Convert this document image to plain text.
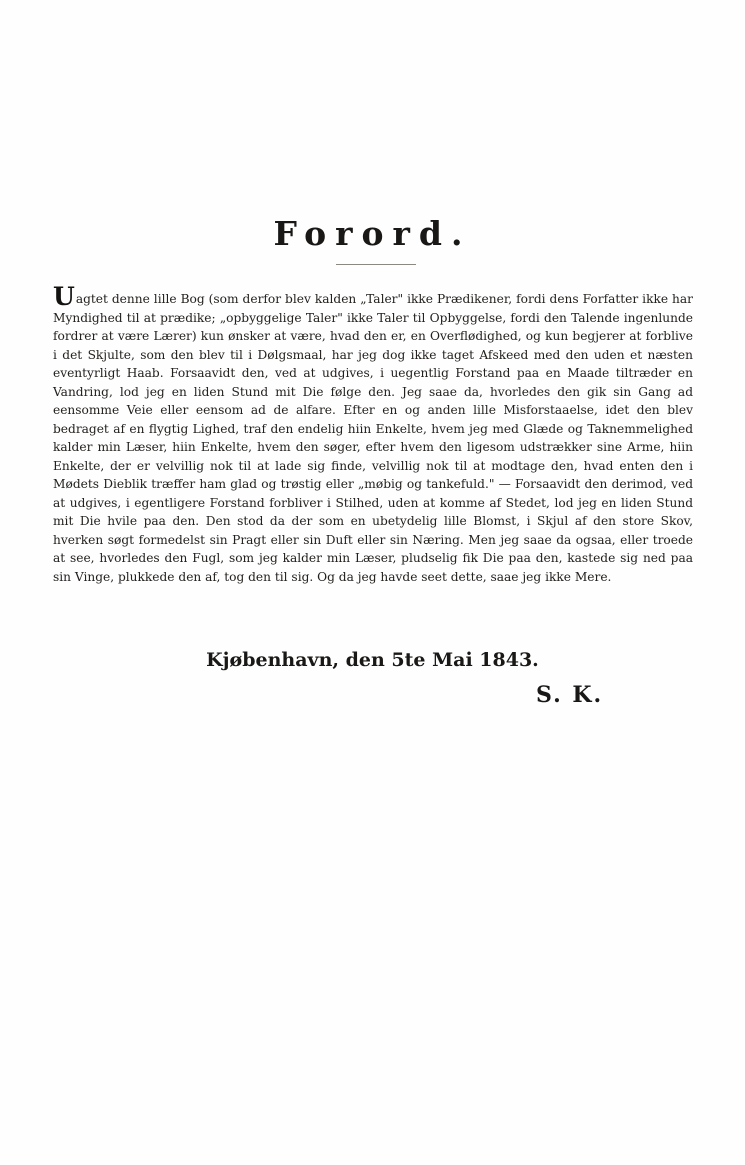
Forord.
Uagtet denne lille Bog (som derfor blev kalden „Taler" ikke Prædikener, fordi dens Forfatter ikke har Myndighed til at prædike; „opbyggelige Taler" ikke Taler til Opbyggelse, fordi den Talende ingenlunde fordrer at være Lærer) kun ønsker at være, hvad den er, en Overflødighed, og kun begjerer at forblive i det Skjulte, som den blev til i Dølgsmaal, har jeg dog ikke taget Afskeed med den uden et næsten eventyrligt Haab. Forsaavidt den, ved at udgives, i uegentlig Forstand paa en Maade tiltræder en Vandring, lod jeg en liden Stund mit Die følge den. Jeg saae da, hvorledes den gik sin Gang ad eensomme Veie eller eensom ad de alfare. Efter en og anden lille Misforstaaelse, idet den blev bedraget af en flygtig Lighed, traf den endelig hiin Enkelte, hvem jeg med Glæde og Taknemmelighed kalder min Læser, hiin Enkelte, hvem den søger, efter hvem den ligesom udstrækker sine Arme, hiin Enkelte, der er velvillig nok til at lade sig finde, velvillig nok til at modtage den, hvad enten den i Mødets Dieblik træffer ham glad og trøstig eller „møbig og tankefuld." — Forsaavidt den derimod, ved at udgives, i egentligere Forstand forbliver i Stilhed, uden at komme af Stedet, lod jeg en liden Stund mit Die hvile paa den. Den stod da der som en ubetydelig lille Blomst, i Skjul af den store Skov, hverken søgt formedelst sin Pragt eller sin Duft eller sin Næring. Men jeg saae da ogsaa, eller troede at see, hvorledes den Fugl, som jeg kalder min Læser, pludselig fik Die paa den, kastede sig ned paa sin Vinge, plukkede den af, tog den til sig. Og da jeg havde seet dette, saae jeg ikke Mere.
Kjøbenhavn, den 5te Mai 1843.
S. K.
